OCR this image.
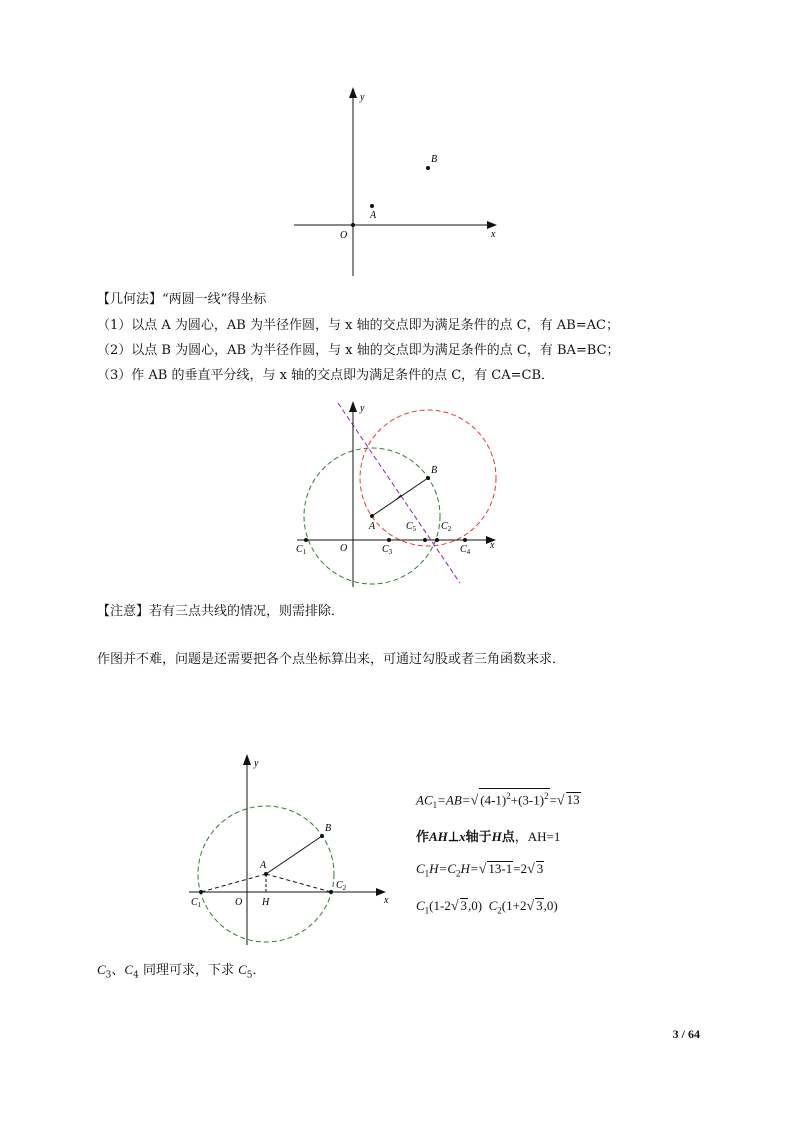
y
x
O
A
B
【几何法】“两圆一线”得坐标
（1）以点 A 为圆心，AB 为半径作圆，与 x 轴的交点即为满足条件的点 C，有 AB=AC；
（2）以点 B 为圆心，AB 为半径作圆，与 x 轴的交点即为满足条件的点 C，有 BA=BC；
（3）作 AB 的垂直平分线，与 x 轴的交点即为满足条件的点 C，有 CA=CB．
y
x
O
A
B
$C_1$	$C_3$
$C_5$ $C_2$
$C_4$
【注意】若有三点共线的情况，则需排除．
作图并不难，问题是还需要把各个点坐标算出来，可通过勾股或者三角函数来求．
y
x
O
A
B
H
$C_1$
$C_2$
$AC_1=AB=√$ $(4-1)^2+(3-1)^2=√$ 13
作AH⊥x轴于H点，AH=1
$C_1H=C_2H=√$ 13-1=2√ 3
$C_1(1-2√$ 3,0) $C_2(1+2√$ 3,0)
$C_3$、$C_4$ 同理可求，下求 $C_5$．
3 / 64
